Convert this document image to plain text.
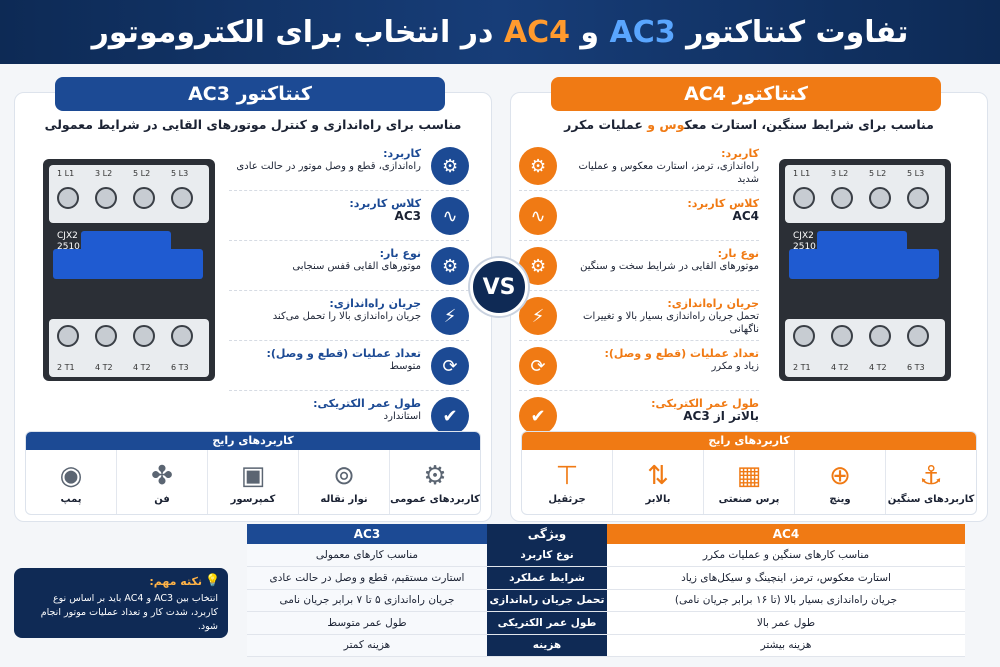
تفاوت کنتاکتور AC3 و AC4 در انتخاب برای الکتروموتور
کنتاکتور AC3
مناسب برای راه‌اندازی و کنترل موتورهای القایی در شرایط معمولی
1 L1	3 L2	5 L2	5 L3
CJX2
2510
2 T1	4 T2	4 T2	6 T3
⚙
کاربرد:
راه‌اندازی، قطع و وصل موتور در حالت عادی
∿
کلاس کاربرد:
AC3
⚙
نوع بار:
موتورهای القایی قفس سنجابی
⚡
جریان راه‌اندازی:
جریان راه‌اندازی بالا را تحمل می‌کند
⟳
تعداد عملیات (قطع و وصل):
متوسط
✔
طول عمر الکتریکی:
استاندارد
کاربردهای رایج
⚙
کاربردهای عمومی
⊚
نوار نقاله
▣
کمپرسور
✤
فن
◉
پمپ
کنتاکتور AC4
مناسب برای شرایط سنگین، استارت معکوس و عملیات مکرر
⚙
کاربرد:
راه‌اندازی، ترمز، استارت معکوس و عملیات شدید
∿
کلاس کاربرد:
AC4
⚙
نوع بار:
موتورهای القایی در شرایط سخت و سنگین
⚡
جریان راه‌اندازی:
تحمل جریان راه‌اندازی بسیار بالا و تغییرات ناگهانی
⟳
تعداد عملیات (قطع و وصل):
زیاد و مکرر
✔
طول عمر الکتریکی:
بالاتر از AC3
1 L1	3 L2	5 L2	5 L3
CJX2
2510
2 T1	4 T2	4 T2	6 T3
کاربردهای رایج
⚓
کاربردهای سنگین
⊕
وینچ
▦
پرس صنعتی
⇅
بالابر
⊤
جرثقیل
VS
AC4	ویژگی	AC3
مناسب کارهای سنگین و عملیات مکرر	نوع کاربرد	مناسب کارهای معمولی
استارت معکوس، ترمز، اینچینگ و سیکل‌های زیاد	شرایط عملکرد	استارت مستقیم، قطع و وصل در حالت عادی
جریان راه‌اندازی بسیار بالا (تا ۱۶ برابر جریان نامی)	تحمل جریان راه‌اندازی	جریان راه‌اندازی ۵ تا ۷ برابر جریان نامی
طول عمر بالا	طول عمر الکتریکی	طول عمر متوسط
هزینه بیشتر	هزینه	هزینه کمتر
💡
نکته مهم:
انتخاب بین AC3 و AC4 باید بر اساس نوع کاربرد، شدت کار و تعداد عملیات موتور انجام شود.
